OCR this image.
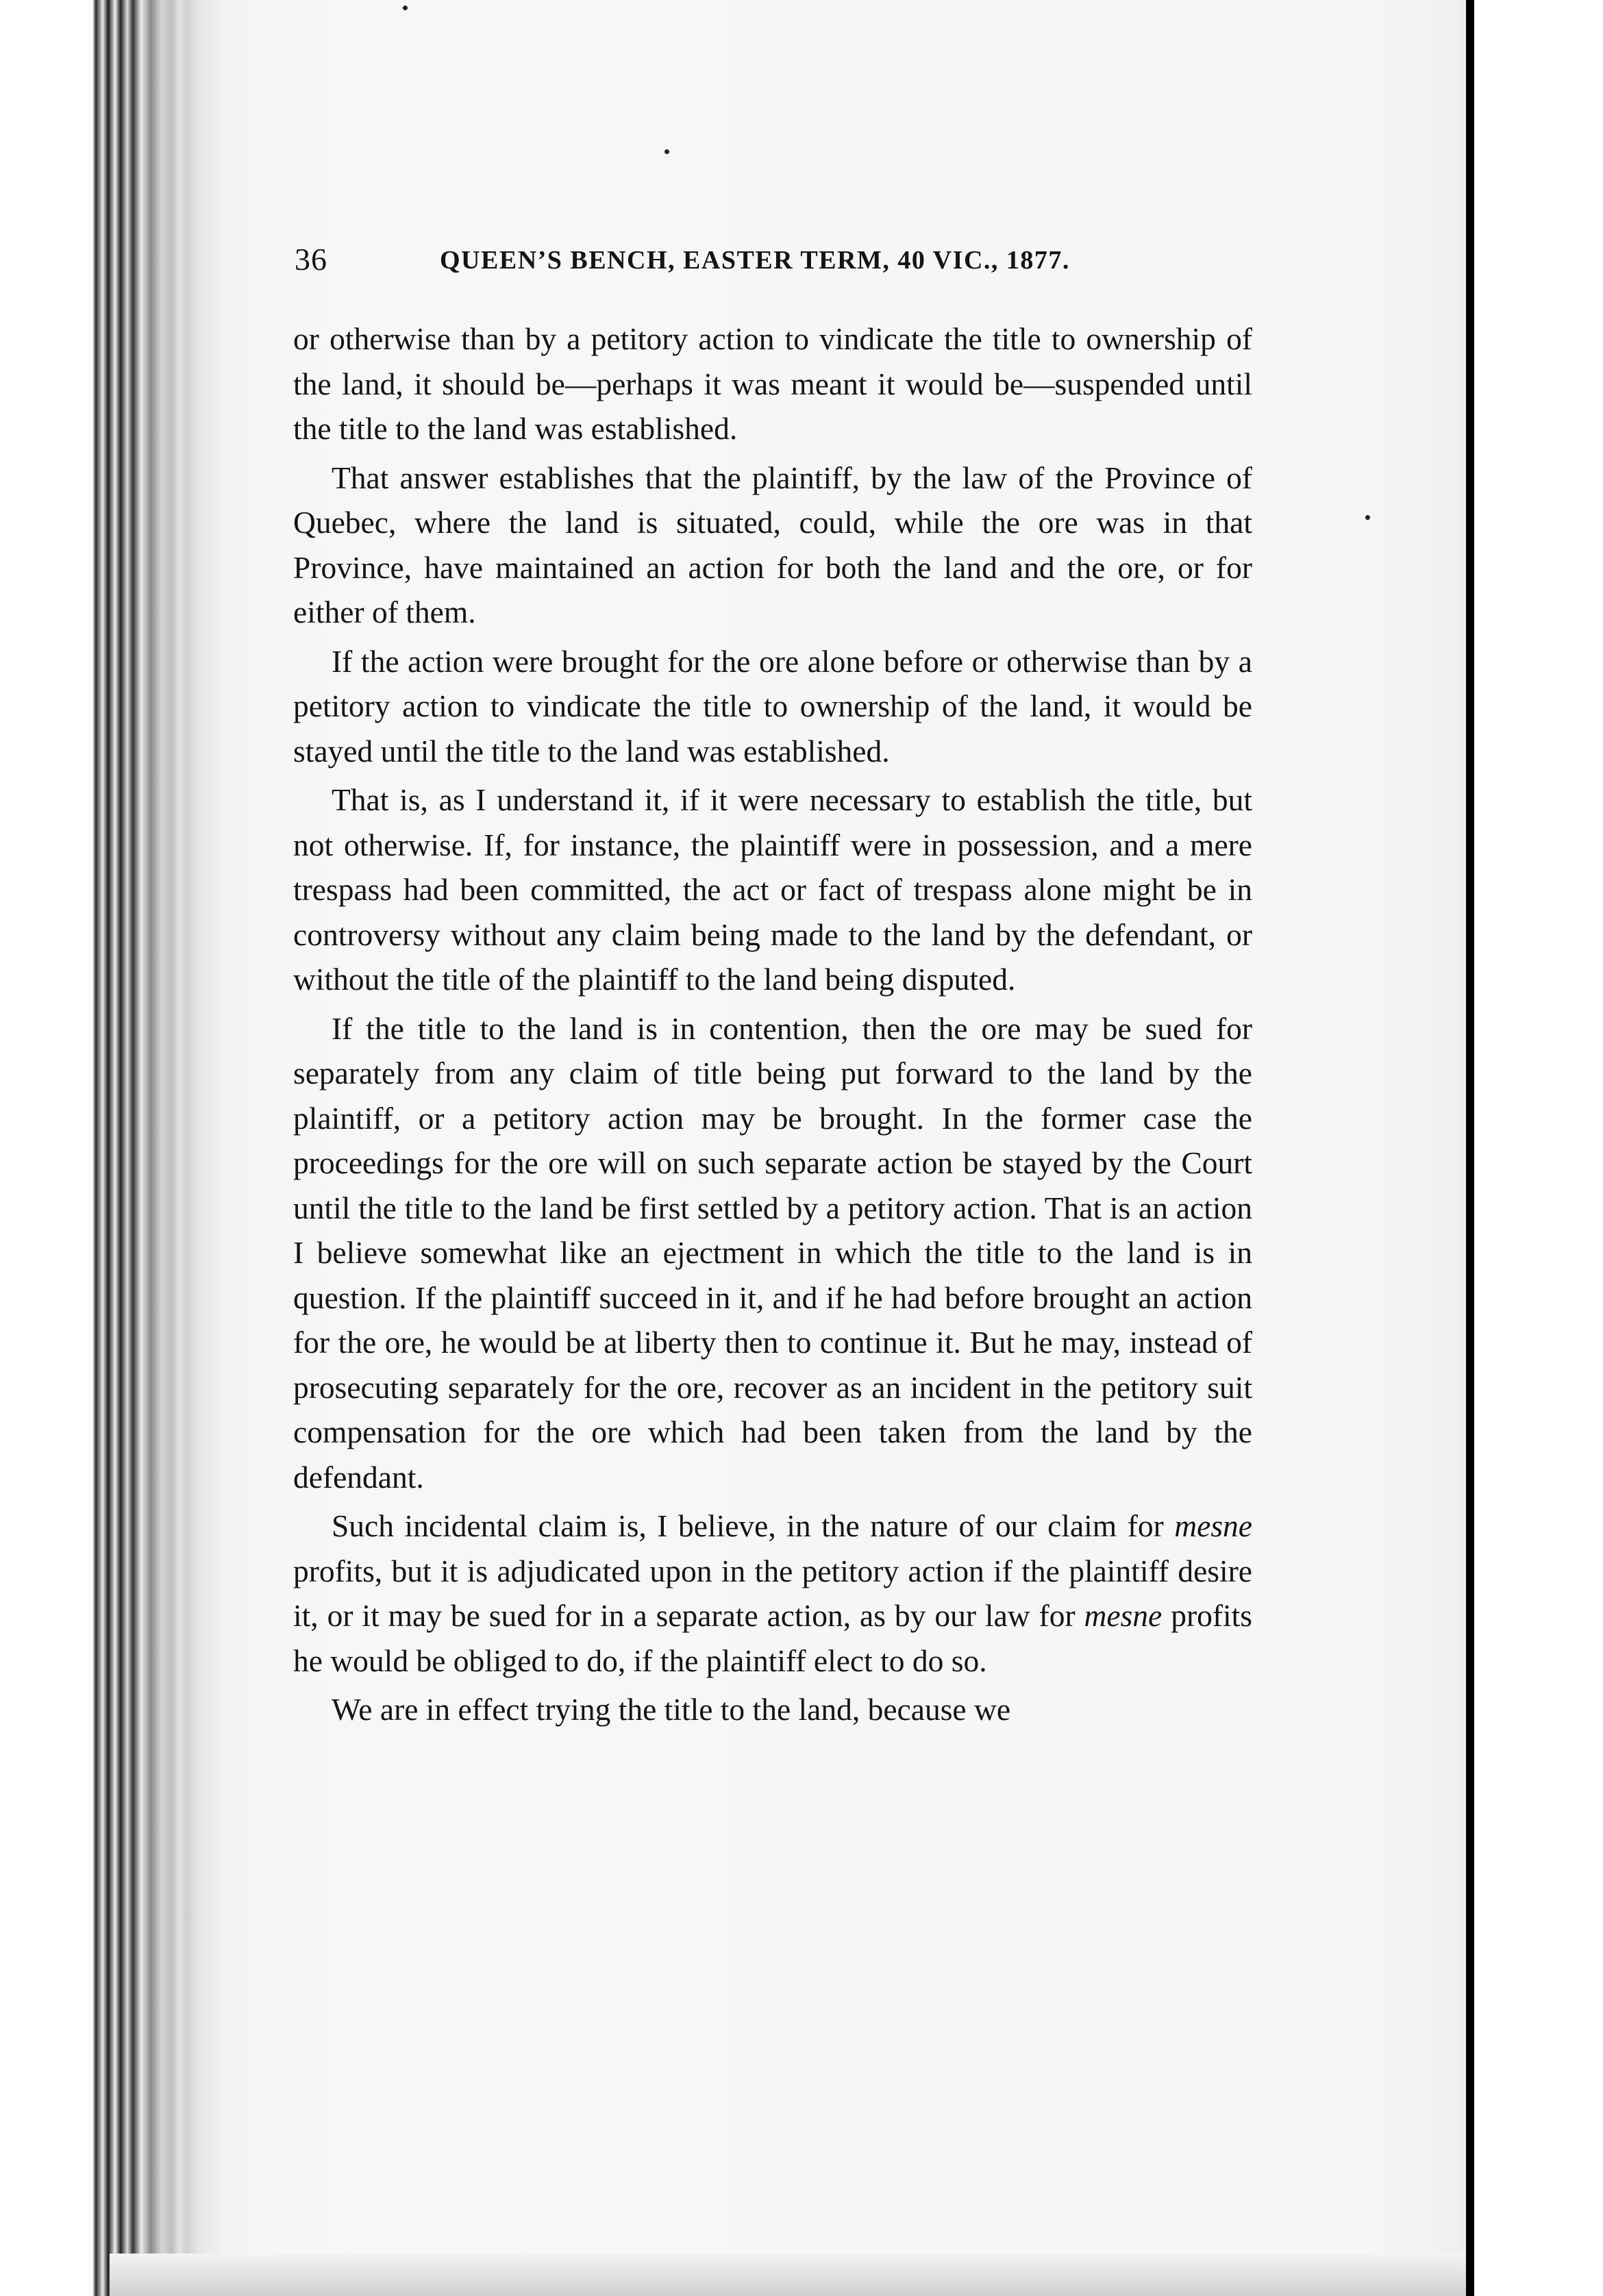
36	QUEEN’S BENCH, EASTER TERM, 40 VIC., 1877.

or otherwise than by a petitory action to vindicate the title to ownership of the land, it should be—perhaps it was meant it would be—suspended until the title to the land was established.

That answer establishes that the plaintiff, by the law of the Province of Quebec, where the land is situated, could, while the ore was in that Province, have maintained an action for both the land and the ore, or for either of them.

If the action were brought for the ore alone before or otherwise than by a petitory action to vindicate the title to ownership of the land, it would be stayed until the title to the land was established.

That is, as I understand it, if it were necessary to establish the title, but not otherwise. If, for instance, the plaintiff were in possession, and a mere trespass had been committed, the act or fact of trespass alone might be in controversy without any claim being made to the land by the defendant, or without the title of the plaintiff to the land being disputed.

If the title to the land is in contention, then the ore may be sued for separately from any claim of title being put forward to the land by the plaintiff, or a petitory action may be brought. In the former case the proceedings for the ore will on such separate action be stayed by the Court until the title to the land be first settled by a petitory action. That is an action I believe somewhat like an ejectment in which the title to the land is in question. If the plaintiff succeed in it, and if he had before brought an action for the ore, he would be at liberty then to continue it. But he may, instead of prosecuting separately for the ore, recover as an incident in the petitory suit compensation for the ore which had been taken from the land by the defendant.

Such incidental claim is, I believe, in the nature of our claim for mesne profits, but it is adjudicated upon in the petitory action if the plaintiff desire it, or it may be sued for in a separate action, as by our law for mesne profits he would be obliged to do, if the plaintiff elect to do so.

We are in effect trying the title to the land, because we
